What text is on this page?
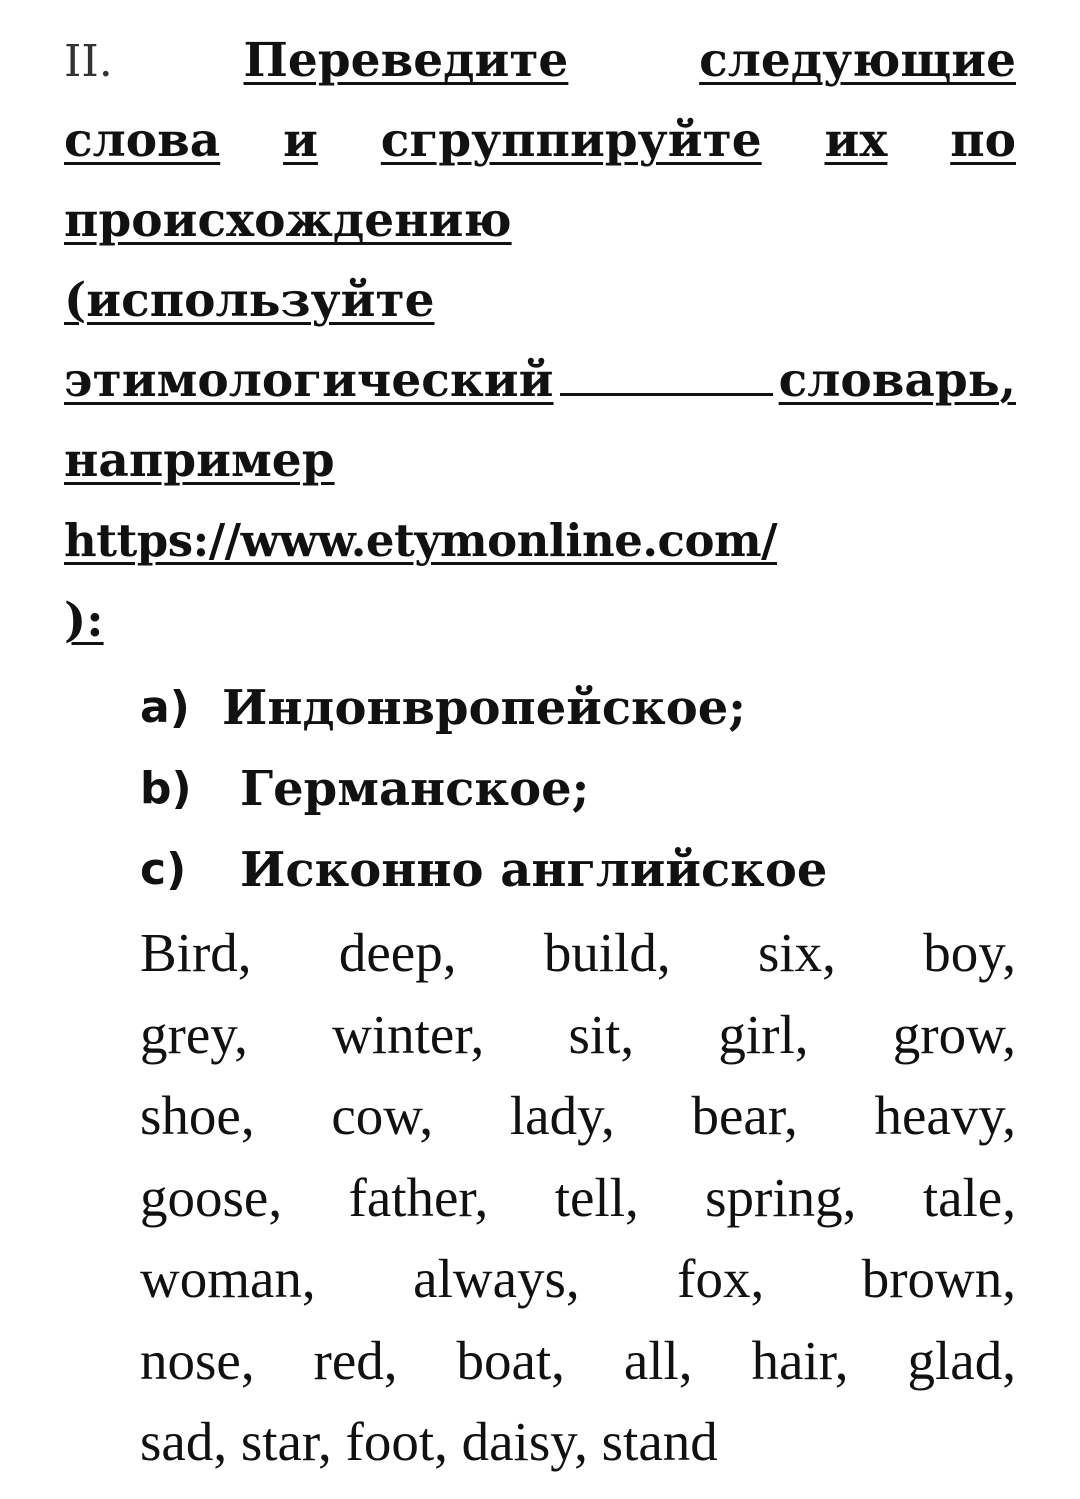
II.	Переведите	следующие
слова и сгруппируйте их по
происхождению
(используйте
этимологический	словарь,
например
https://www.etymonline.com/
):
a) Индонвропейское;
b)	Германское;
c)	Исконно английское
Bird, deep, build, six, boy,
grey, winter, sit, girl, grow,
shoe, cow, lady, bear, heavy,
goose, father, tell, spring, tale,
woman, always, fox, brown,
nose, red, boat, all, hair, glad,
sad, star, foot, daisy, stand
